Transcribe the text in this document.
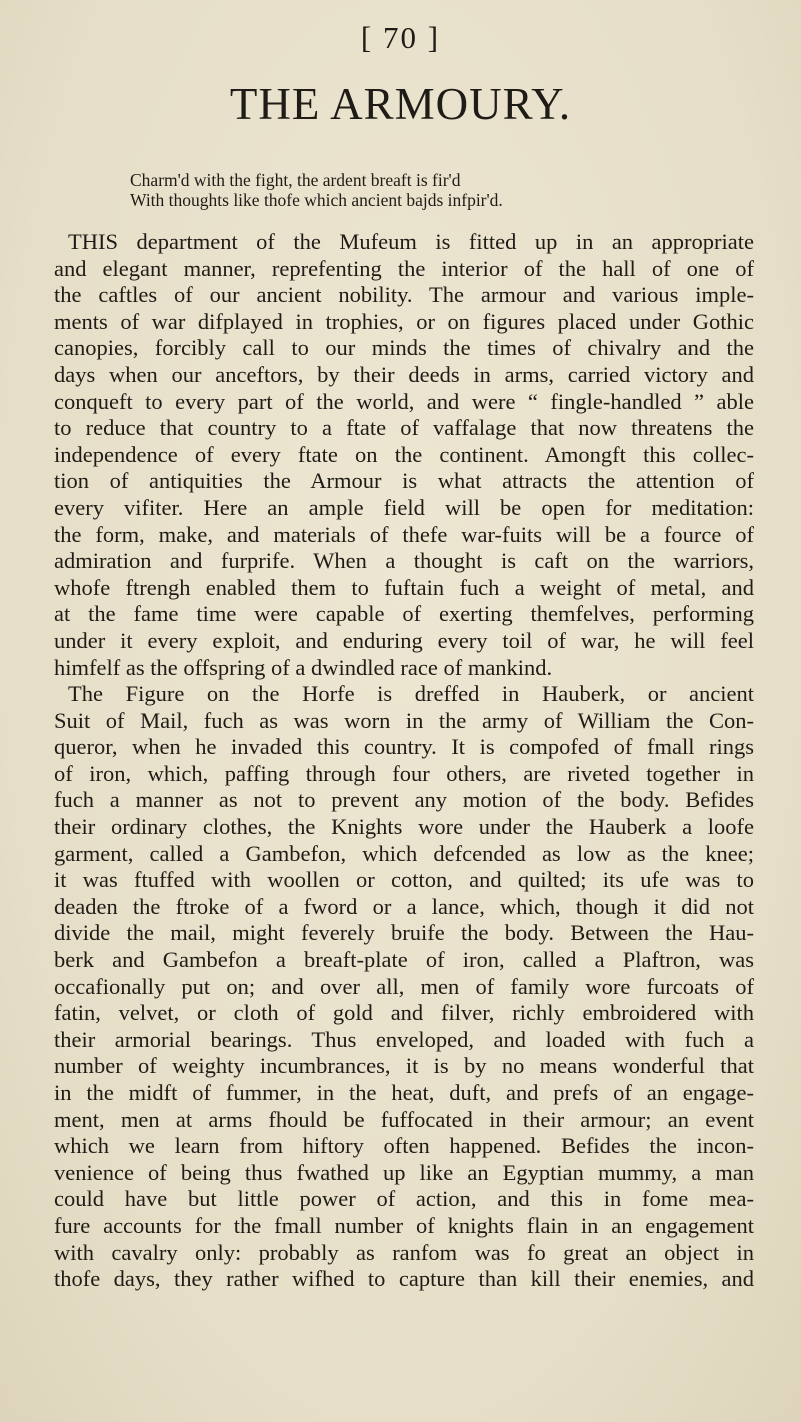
[ 70 ]
THE ARMOURY.
Charm'd with the fight, the ardent breaft is fir'd
With thoughts like thofe which ancient bajds infpir'd.
THIS department of the Mufeum is fitted up in an appropriate
and elegant manner, reprefenting the interior of the hall of one of
the caftles of our ancient nobility. The armour and various imple-
ments of war difplayed in trophies, or on figures placed under Gothic
canopies, forcibly call to our minds the times of chivalry and the
days when our anceftors, by their deeds in arms, carried victory and
conqueft to every part of the world, and were “ fingle-handled ” able
to reduce that country to a ftate of vaffalage that now threatens the
independence of every ftate on the continent. Amongft this collec-
tion of antiquities the Armour is what attracts the attention of
every vifiter. Here an ample field will be open for meditation:
the form, make, and materials of thefe war-fuits will be a fource of
admiration and furprife. When a thought is caft on the warriors,
whofe ftrengh enabled them to fuftain fuch a weight of metal, and
at the fame time were capable of exerting themfelves, performing
under it every exploit, and enduring every toil of war, he will feel
himfelf as the offspring of a dwindled race of mankind.
The Figure on the Horfe is dreffed in Hauberk, or ancient
Suit of Mail, fuch as was worn in the army of William the Con-
queror, when he invaded this country. It is compofed of fmall rings
of iron, which, paffing through four others, are riveted together in
fuch a manner as not to prevent any motion of the body. Befides
their ordinary clothes, the Knights wore under the Hauberk a loofe
garment, called a Gambefon, which defcended as low as the knee;
it was ftuffed with woollen or cotton, and quilted; its ufe was to
deaden the ftroke of a fword or a lance, which, though it did not
divide the mail, might feverely bruife the body. Between the Hau-
berk and Gambefon a breaft-plate of iron, called a Plaftron, was
occafionally put on; and over all, men of family wore furcoats of
fatin, velvet, or cloth of gold and filver, richly embroidered with
their armorial bearings. Thus enveloped, and loaded with fuch a
number of weighty incumbrances, it is by no means wonderful that
in the midft of fummer, in the heat, duft, and prefs of an engage-
ment, men at arms fhould be fuffocated in their armour; an event
which we learn from hiftory often happened. Befides the incon-
venience of being thus fwathed up like an Egyptian mummy, a man
could have but little power of action, and this in fome mea-
fure accounts for the fmall number of knights flain in an engagement
with cavalry only: probably as ranfom was fo great an object in
thofe days, they rather wifhed to capture than kill their enemies, and
